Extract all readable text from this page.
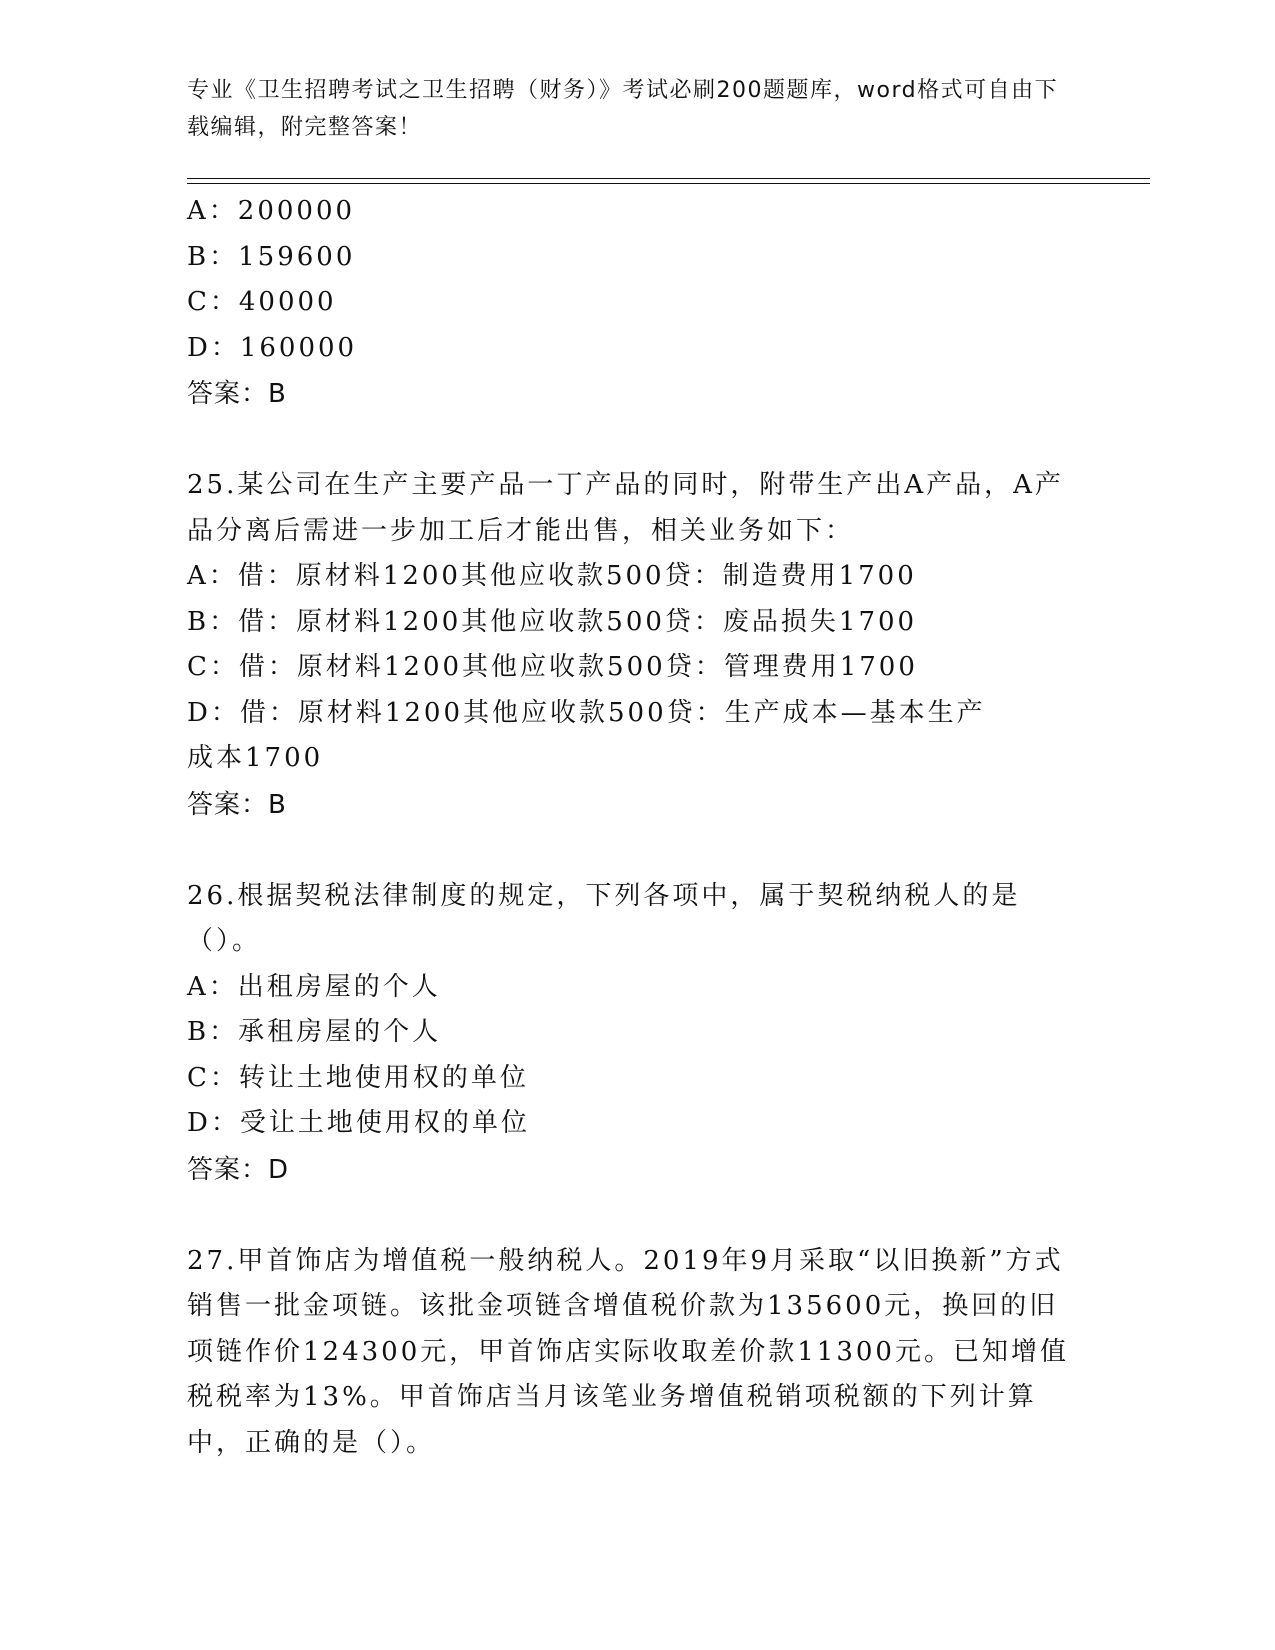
专业《卫生招聘考试之卫生招聘（财务）》考试必刷200题题库，word格式可自由下载编辑，附完整答案！
A：200000
B：159600
C：40000
D：160000
答案：B
25.某公司在生产主要产品一丁产品的同时，附带生产出A产品，A产品分离后需进一步加工后才能出售，相关业务如下：
A：借：原材料1200其他应收款500贷：制造费用1700
B：借：原材料1200其他应收款500贷：废品损失1700
C：借：原材料1200其他应收款500贷：管理费用1700
D：借：原材料1200其他应收款500贷：生产成本—基本生产成本1700
答案：B
26.根据契税法律制度的规定，下列各项中，属于契税纳税人的是（）。
A：出租房屋的个人
B：承租房屋的个人
C：转让土地使用权的单位
D：受让土地使用权的单位
答案：D
27.甲首饰店为增值税一般纳税人。2019年9月采取“以旧换新”方式销售一批金项链。该批金项链含增值税价款为135600元，换回的旧项链作价124300元，甲首饰店实际收取差价款11300元。已知增值税税率为13%。甲首饰店当月该笔业务增值税销项税额的下列计算中，正确的是（）。
